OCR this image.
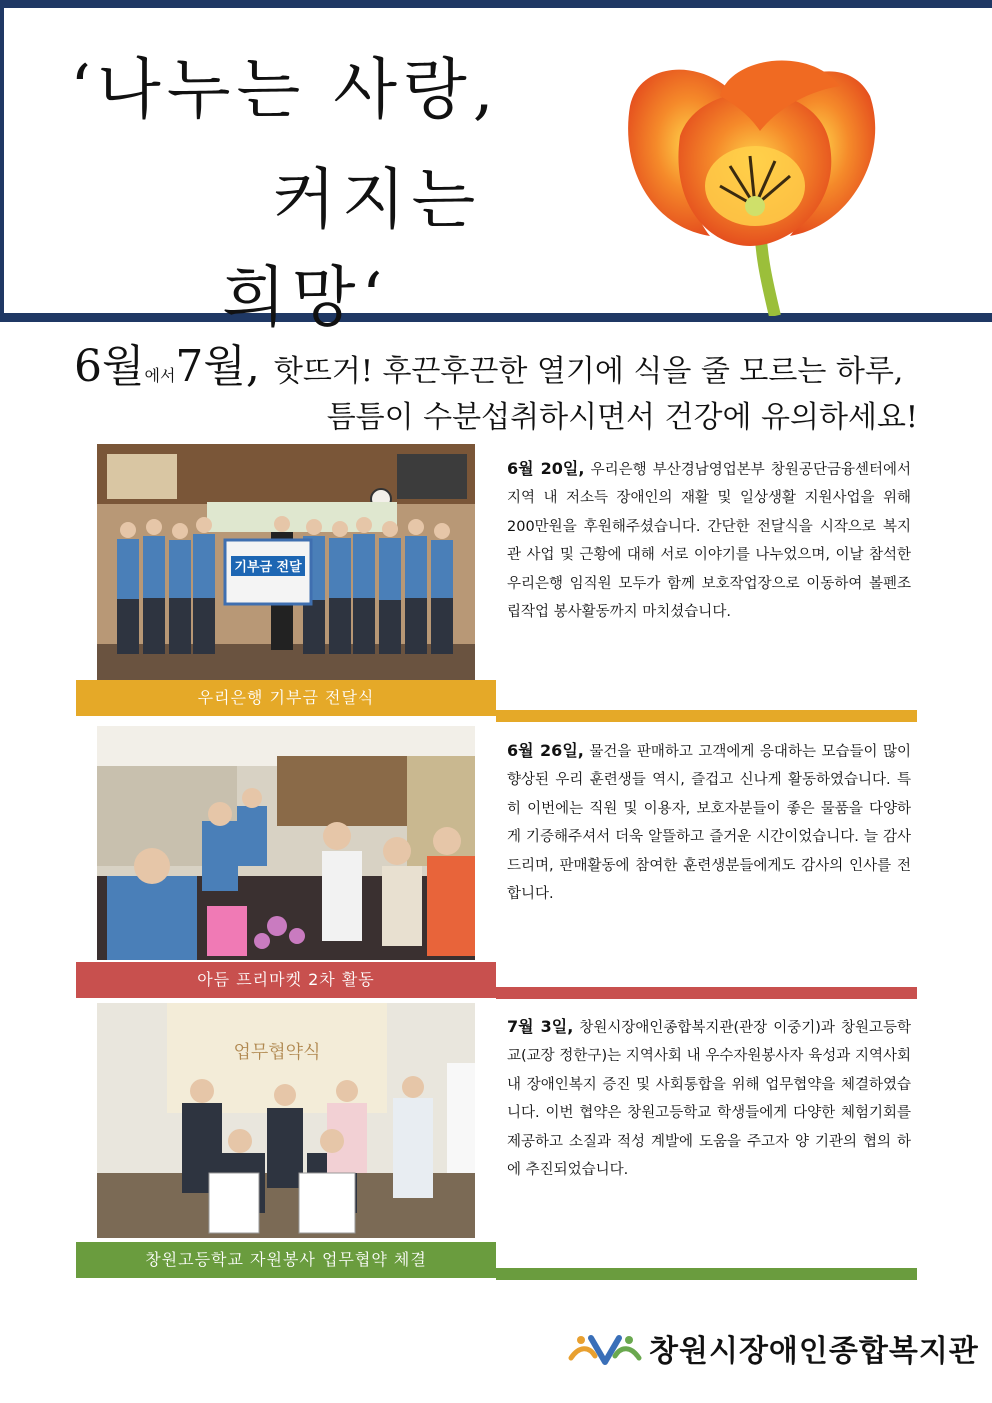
‘나누는 사랑,
커지는
희망‘
6월에서7월, 핫뜨거! 후끈후끈한 열기에 식을 줄 모르는 하루,
틈틈이 수분섭취하시면서 건강에 유의하세요!
기부금 전달
우리은행 기부금 전달식
6월 20일, 우리은행 부산경남영업본부 창원공단금융센터에서 지역 내 저소득 장애인의 재활 및 일상생활 지원사업을 위해 200만원을 후원해주셨습니다. 간단한 전달식을 시작으로 복지관 사업 및 근황에 대해 서로 이야기를 나누었으며, 이날 참석한 우리은행 임직원 모두가 함께 보호작업장으로 이동하여 볼펜조립작업 봉사활동까지 마치셨습니다.
아듬 프리마켓 2차 활동
6월 26일, 물건을 판매하고 고객에게 응대하는 모습들이 많이 향상된 우리 훈련생들 역시, 즐겁고 신나게 활동하였습니다. 특히 이번에는 직원 및 이용자, 보호자분들이 좋은 물품을 다양하게 기증해주셔서 더욱 알뜰하고 즐거운 시간이었습니다. 늘 감사드리며, 판매활동에 참여한 훈련생분들에게도 감사의 인사를 전합니다.
업무협약식
창원고등학교 자원봉사 업무협약 체결
7월 3일, 창원시장애인종합복지관(관장 이중기)과 창원고등학교(교장 정한구)는 지역사회 내 우수자원봉사자 육성과 지역사회 내 장애인복지 증진 및 사회통합을 위해 업무협약을 체결하였습니다. 이번 협약은 창원고등학교 학생들에게 다양한 체험기회를 제공하고 소질과 적성 계발에 도움을 주고자 양 기관의 협의 하에 추진되었습니다.
창원시장애인종합복지관
